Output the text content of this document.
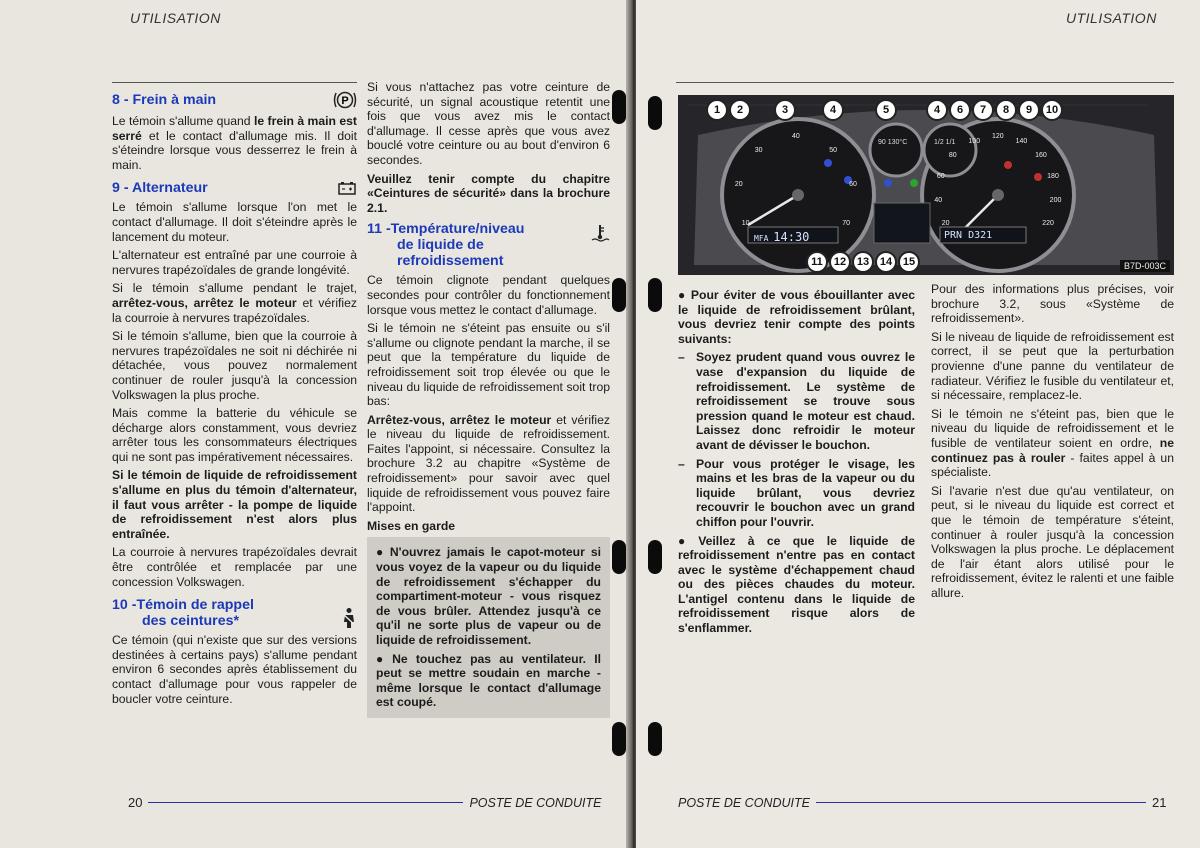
UTILISATION
8 - Frein à main	P

Le témoin s'allume quand le frein à main est serré et le contact d'allumage mis. Il doit s'éteindre lorsque vous desserrez le frein à main.

9 - Alternateur

Le témoin s'allume lorsque l'on met le contact d'allumage. Il doit s'éteindre après le lancement du moteur.

L'alternateur est entraîné par une courroie à nervures trapézoïdales de grande longévité.

Si le témoin s'allume pendant le trajet, arrêtez-vous, arrêtez le moteur et vérifiez la courroie à nervures trapézoïdales.

Si le témoin s'allume, bien que la courroie à nervures trapézoïdales ne soit ni déchirée ni détachée, vous pouvez normalement continuer de rouler jusqu'à la concession Volkswagen la plus proche.

Mais comme la batterie du véhicule se décharge alors constamment, vous devriez arrêter tous les consommateurs électriques qui ne sont pas impérativement nécessaires.

Si le témoin de liquide de refroidissement s'allume en plus du témoin d'alternateur, il faut vous arrêter - la pompe de liquide de refroidissement n'est alors plus entraînée.

La courroie à nervures trapézoïdales devrait être contrôlée et remplacée par une concession Volkswagen.

10 -Témoin de rappel
des ceintures*

Ce témoin (qui n'existe que sur des versions destinées à certains pays) s'allume pendant environ 6 secondes après établissement du contact d'allumage pour vous rappeler de boucler votre ceinture.

Si vous n'attachez pas votre ceinture de sécurité, un signal acoustique retentit une fois que vous avez mis le contact d'allumage. Il cesse après que vous avez bouclé votre ceinture ou au bout d'environ 6 secondes.

Veuillez tenir compte du chapitre «Ceintures de sécurité» dans la brochure 2.1.

11 -Température/niveau
de liquide de
refroidissement

Ce témoin clignote pendant quelques secondes pour contrôler du fonctionnement lorsque vous mettez le contact d'allumage.

Si le témoin ne s'éteint pas ensuite ou s'il s'allume ou clignote pendant la marche, il se peut que la température du liquide de refroidissement soit trop élevée ou que le niveau du liquide de refroidissement soit trop bas:

Arrêtez-vous, arrêtez le moteur et vérifiez le niveau du liquide de refroidissement. Faites l'appoint, si nécessaire. Consultez la brochure 3.2 au chapitre «Système de refroidissement» pour savoir avec quel liquide de refroidissement vous pouvez faire l'appoint.

Mises en garde

● N'ouvrez jamais le capot-moteur si vous voyez de la vapeur ou du liquide de refroidissement s'échapper du compartiment-moteur - vous risquez de vous brûler. Attendez jusqu'à ce qu'il ne sorte plus de vapeur ou de liquide de refroidissement.

● Ne touchez pas au ventilateur. Il peut se mettre soudain en marche - même lorsque le contact d'allumage est coupé.

20	POSTE DE CONDUITE
UTILISATION
B7D-003C
1	2	3	4	5	4	6	7	8	9	10
11	12 13 14 15
MFA 14:30	PRN D321
90 130°C	1/2 1/1
10
20
30
40
50
60
70	20
40
60
80
100
120
140
160
180
200
220

● Pour éviter de vous ébouillanter avec le liquide de refroidissement brûlant, vous devriez tenir compte des points suivants:

– Soyez prudent quand vous ouvrez le vase d'expansion du liquide de refroidissement. Le système de refroidissement se trouve sous pression quand le moteur est chaud. Laissez donc refroidir le moteur avant de dévisser le bouchon.
– Pour vous protéger le visage, les mains et les bras de la vapeur ou du liquide brûlant, vous devriez recouvrir le bouchon avec un grand chiffon pour l'ouvrir.

● Veillez à ce que le liquide de refroidissement n'entre pas en contact avec le système d'échappement chaud ou des pièces chaudes du moteur. L'antigel contenu dans le liquide de refroidissement risque alors de s'enflammer.

Pour des informations plus précises, voir brochure 3.2, sous «Système de refroidissement».

Si le niveau de liquide de refroidissement est correct, il se peut que la perturbation provienne d'une panne du ventilateur de radiateur. Vérifiez le fusible du ventilateur et, si nécessaire, remplacez-le.

Si le témoin ne s'éteint pas, bien que le niveau du liquide de refroidissement et le fusible de ventilateur soient en ordre, ne continuez pas à rouler - faites appel à un spécialiste.

Si l'avarie n'est due qu'au ventilateur, on peut, si le niveau du liquide est correct et que le témoin de température s'éteint, continuer à rouler jusqu'à la concession Volkswagen la plus proche. Le déplacement de l'air étant alors utilisé pour le refroidissement, évitez le ralenti et une faible allure.

POSTE DE CONDUITE	21
